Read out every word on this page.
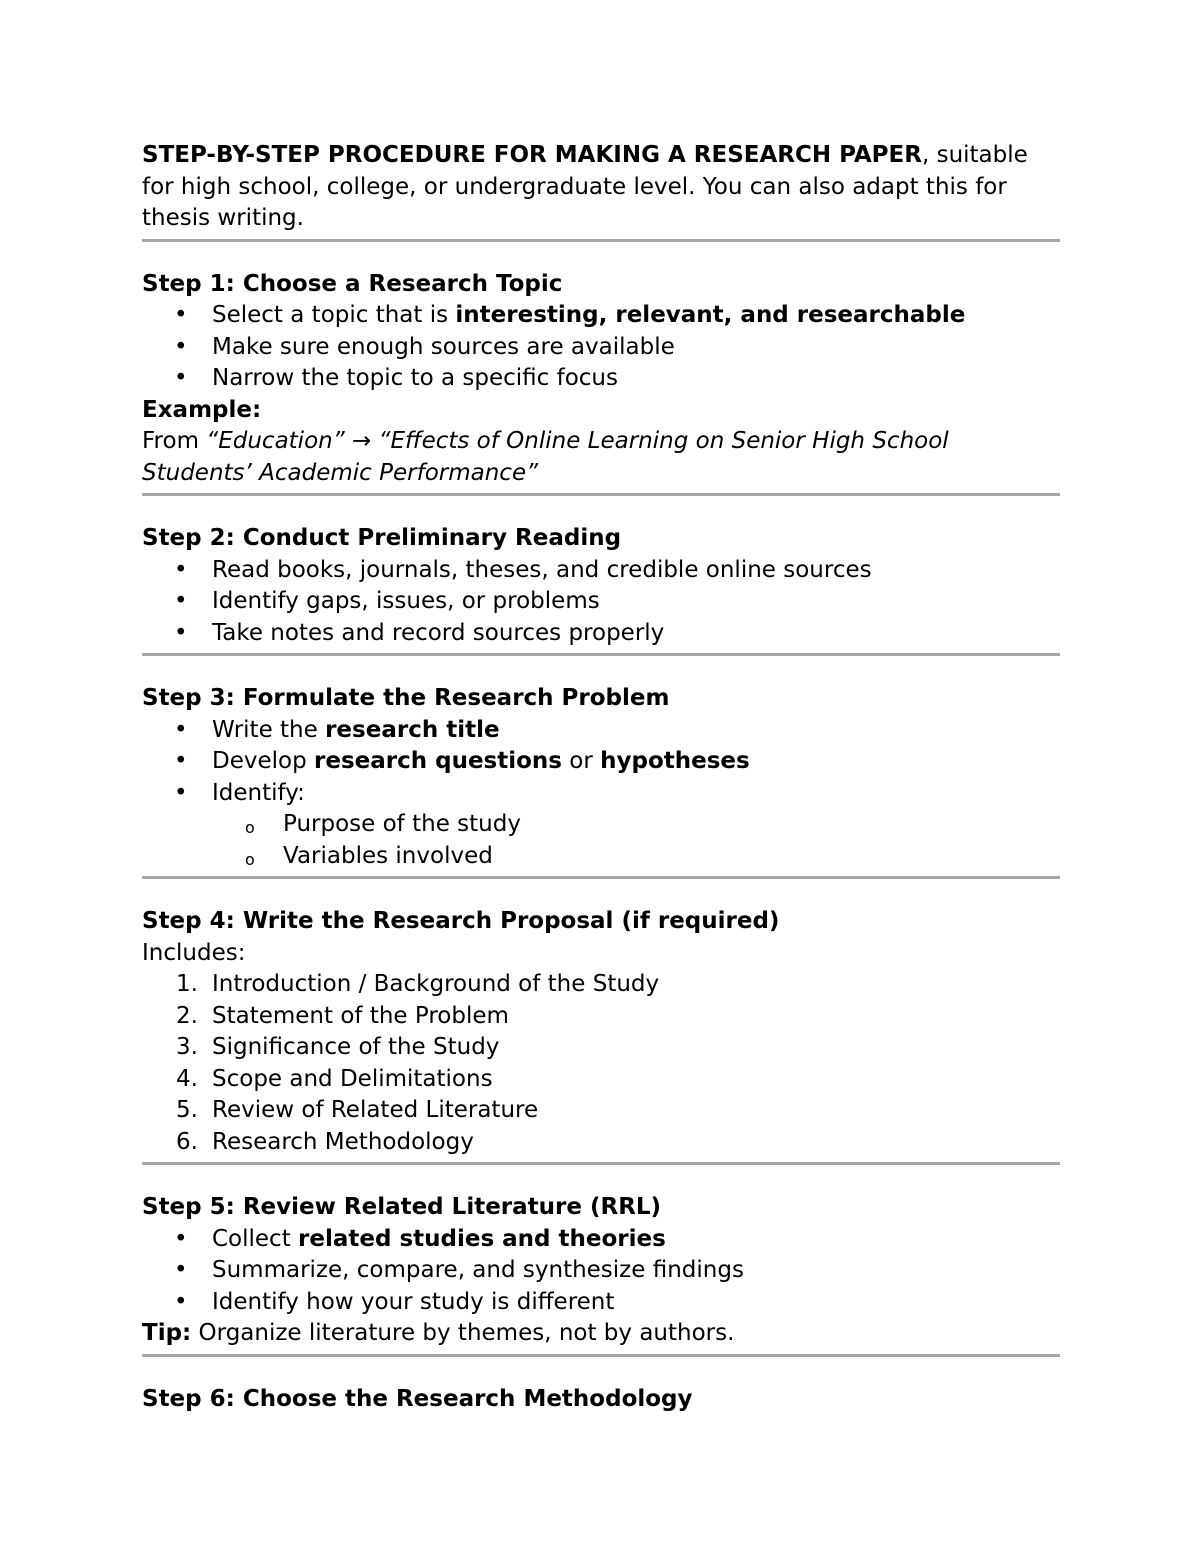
STEP-BY-STEP PROCEDURE FOR MAKING A RESEARCH PAPER, suitable
for high school, college, or undergraduate level. You can also adapt this for
thesis writing.

Step 1: Choose a Research Topic

• Select a topic that is interesting, relevant, and researchable
• Make sure enough sources are available
• Narrow the topic to a specific focus

Example:

From “Education” → “Effects of Online Learning on Senior High School
Students’ Academic Performance”

Step 2: Conduct Preliminary Reading

• Read books, journals, theses, and credible online sources
• Identify gaps, issues, or problems
• Take notes and record sources properly

Step 3: Formulate the Research Problem

• Write the research title
• Develop research questions or hypotheses
• Identify:
o Purpose of the study
o Variables involved

Step 4: Write the Research Proposal (if required)

Includes:

1. Introduction / Background of the Study
2. Statement of the Problem
3. Significance of the Study
4. Scope and Delimitations
5. Review of Related Literature
6. Research Methodology

Step 5: Review Related Literature (RRL)

• Collect related studies and theories
• Summarize, compare, and synthesize findings
• Identify how your study is different

Tip: Organize literature by themes, not by authors.

Step 6: Choose the Research Methodology
